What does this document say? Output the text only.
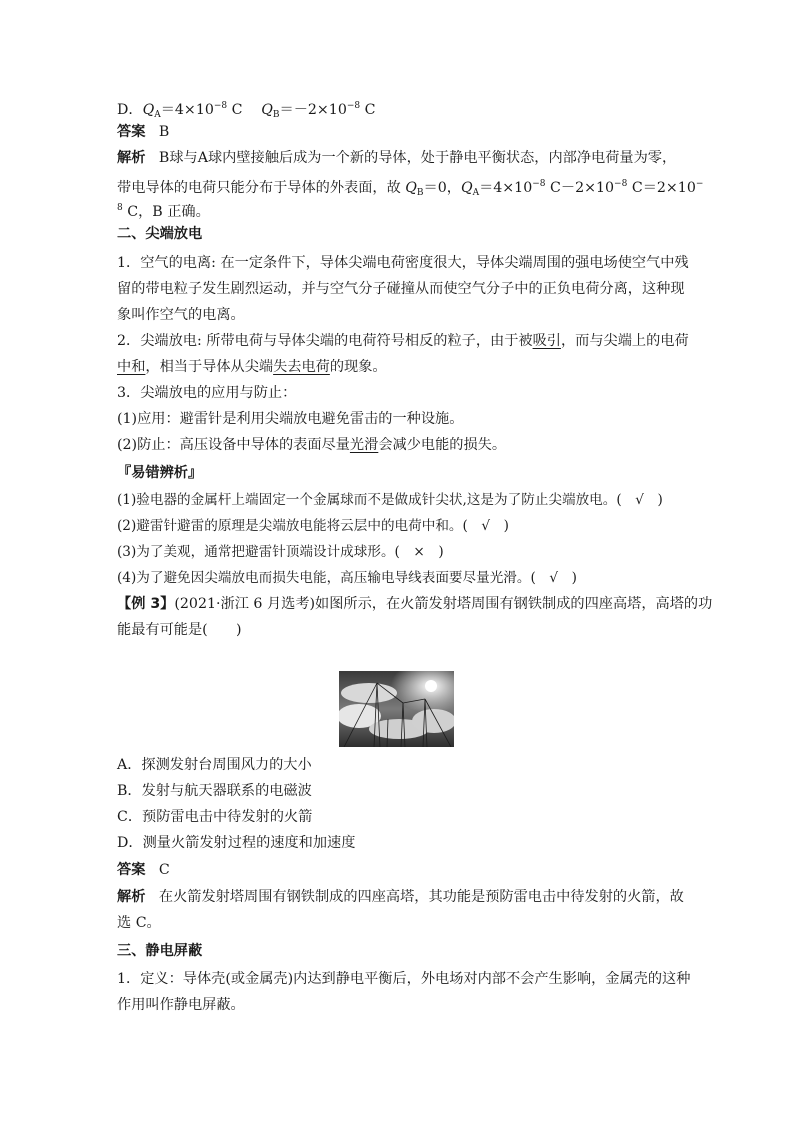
D．$Q_A=4\times 10^{-8}$ C　 $Q_B=-2\times 10^{-8}$ C
答案 B
解析 B球与A球内壁接触后成为一个新的导体，处于静电平衡状态，内部净电荷量为零，
带电导体的电荷只能分布于导体的外表面，故 $Q_B=0$，$Q_A=4\times 10^{-8}$ $C-2\times 10^{-8}$ C＝2×10−
$^8$ C，B 正确。
二、尖端放电
1．空气的电离: 在一定条件下，导体尖端电荷密度很大，导体尖端周围的强电场使空气中残
留的带电粒子发生剧烈运动，并与空气分子碰撞从而使空气分子中的正负电荷分离，这种现
象叫作空气的电离。
2．尖端放电: 所带电荷与导体尖端的电荷符号相反的粒子，由于被吸引，而与尖端上的电荷
中和，相当于导体从尖端失去电荷的现象。
3．尖端放电的应用与防止：
(1)应用：避雷针是利用尖端放电避免雷击的一种设施。
(2)防止：高压设备中导体的表面尽量光滑会减少电能的损失。
『易错辨析』
(1)验电器的金属杆上端固定一个金属球而不是做成针尖状,这是为了防止尖端放电。(　√　)
(2)避雷针避雷的原理是尖端放电能将云层中的电荷中和。(　√　)
(3)为了美观，通常把避雷针顶端设计成球形。(　×　)
(4)为了避免因尖端放电而损失电能，高压输电导线表面要尽量光滑。(　√　)
【例 3】(2021·浙江 6 月选考)如图所示，在火箭发射塔周围有钢铁制成的四座高塔，高塔的功
能最有可能是(　　)
A．探测发射台周围风力的大小
B．发射与航天器联系的电磁波
C．预防雷电击中待发射的火箭
D．测量火箭发射过程的速度和加速度
答案 C
解析 在火箭发射塔周围有钢铁制成的四座高塔，其功能是预防雷电击中待发射的火箭，故
选 C。
三、静电屏蔽
1．定义：导体壳(或金属壳)内达到静电平衡后，外电场对内部不会产生影响，金属壳的这种
作用叫作静电屏蔽。
